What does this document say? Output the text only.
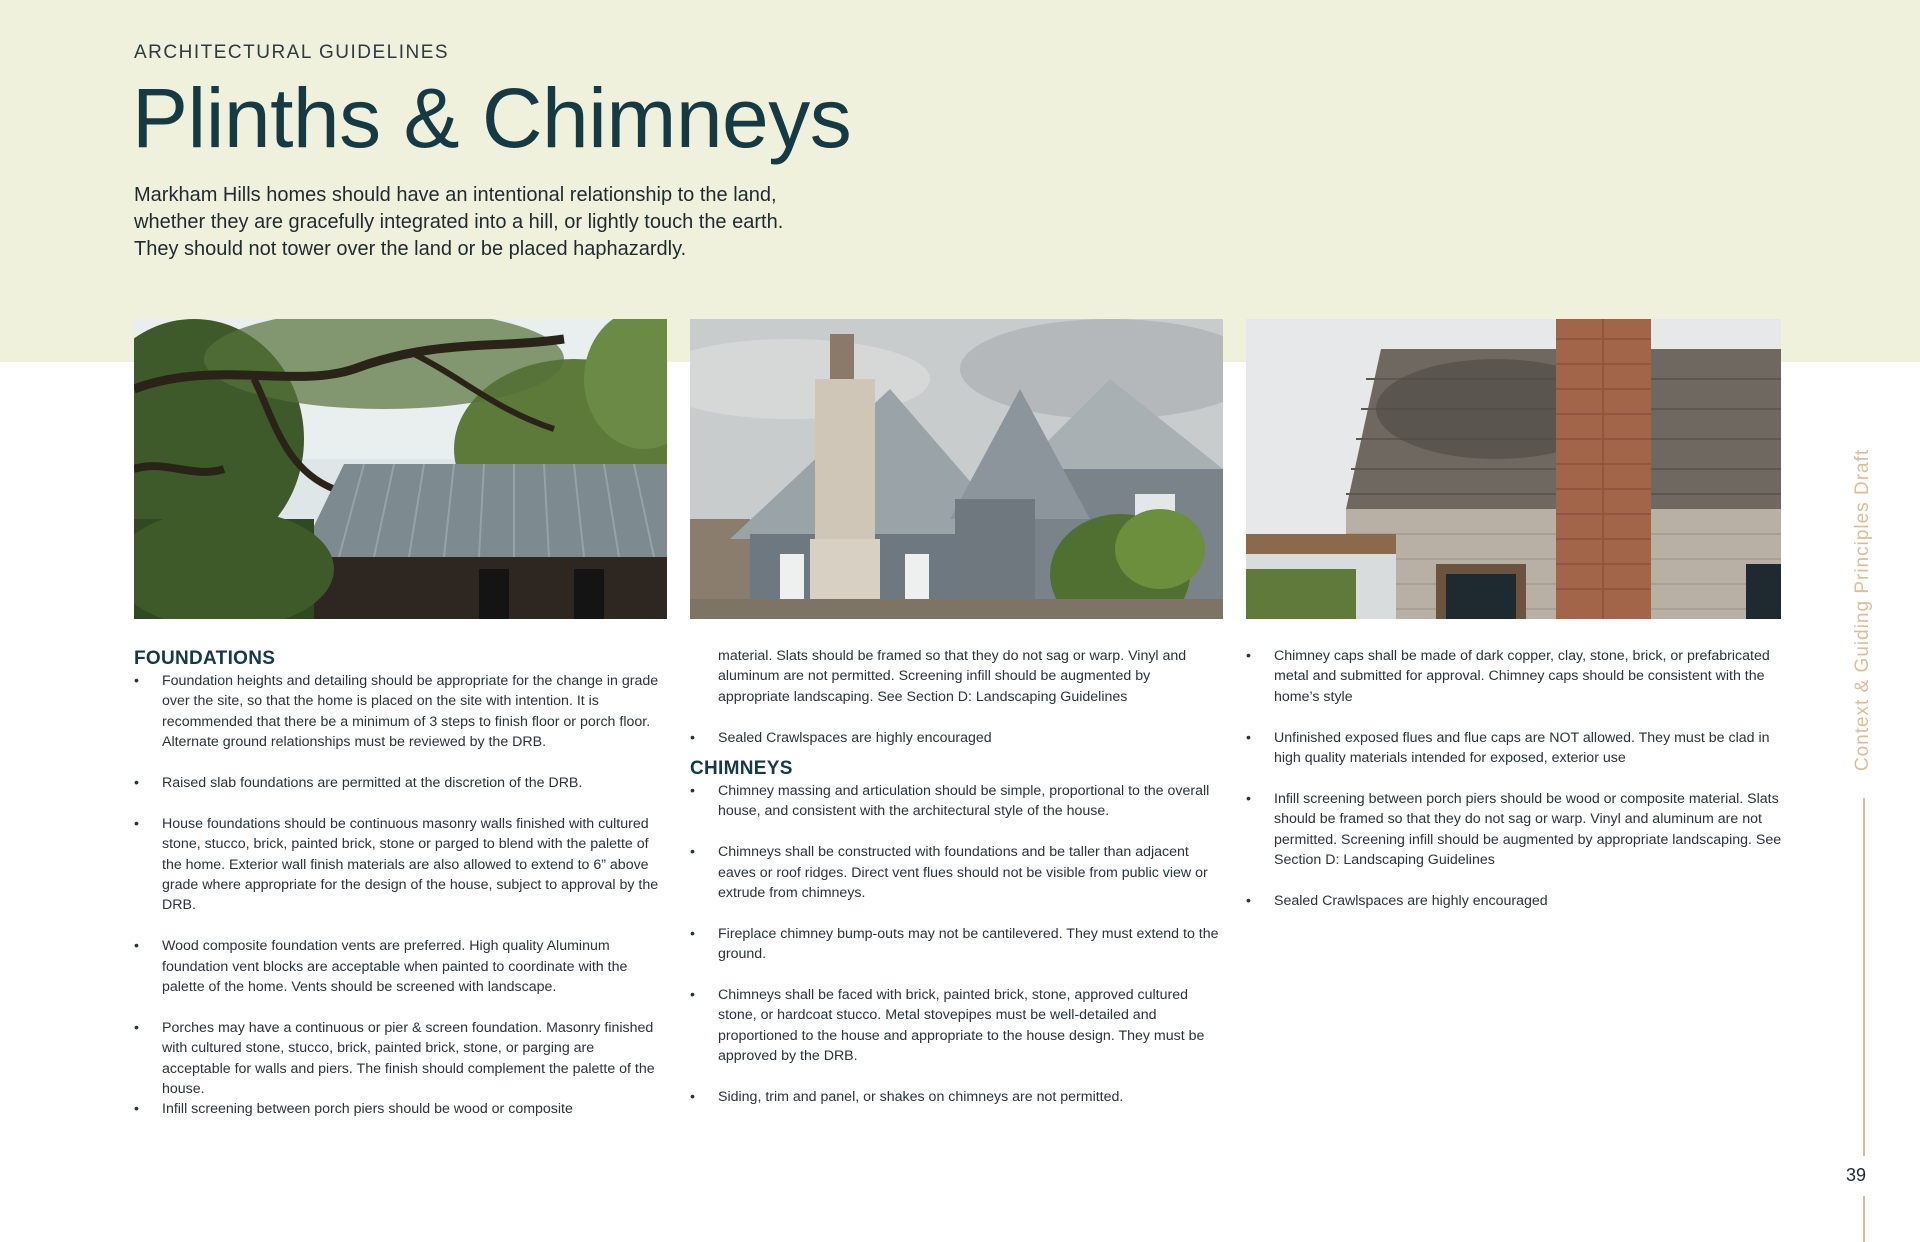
ARCHITECTURAL GUIDELINES
Plinths & Chimneys
Markham Hills homes should have an intentional relationship to the land, whether they are gracefully integrated into a hill, or lightly touch the earth. They should not tower over the land or be placed haphazardly.
FOUNDATIONS
• Foundation heights and detailing should be appropriate for the change in grade over the site, so that the home is placed on the site with intention. It is recommended that there be a minimum of 3 steps to finish floor or porch floor. Alternate ground relationships must be reviewed by the DRB.
• Raised slab foundations are permitted at the discretion of the DRB.
• House foundations should be continuous masonry walls finished with cultured stone, stucco, brick, painted brick, stone or parged to blend with the palette of the home. Exterior wall finish materials are also allowed to extend to 6” above grade where appropriate for the design of the house, subject to approval by the DRB.
• Wood composite foundation vents are preferred. High quality Aluminum foundation vent blocks are acceptable when painted to coordinate with the palette of the home. Vents should be screened with landscape.
• Porches may have a continuous or pier & screen foundation. Masonry finished with cultured stone, stucco, brick, painted brick, stone, or parging are acceptable for walls and piers. The finish should complement the palette of the house.
• Infill screening between porch piers should be wood or composite
material. Slats should be framed so that they do not sag or warp. Vinyl and aluminum are not permitted. Screening infill should be augmented by appropriate landscaping. See Section D: Landscaping Guidelines
• Sealed Crawlspaces are highly encouraged
CHIMNEYS
• Chimney massing and articulation should be simple, proportional to the overall house, and consistent with the architectural style of the house.
• Chimneys shall be constructed with foundations and be taller than adjacent eaves or roof ridges. Direct vent flues should not be visible from public view or extrude from chimneys.
• Fireplace chimney bump-outs may not be cantilevered. They must extend to the ground.
• Chimneys shall be faced with brick, painted brick, stone, approved cultured stone, or hardcoat stucco. Metal stovepipes must be well-detailed and proportioned to the house and appropriate to the house design. They must be approved by the DRB.
• Siding, trim and panel, or shakes on chimneys are not permitted.
• Chimney caps shall be made of dark copper, clay, stone, brick, or prefabricated metal and submitted for approval. Chimney caps should be consistent with the home’s style
• Unfinished exposed flues and flue caps are NOT allowed. They must be clad in high quality materials intended for exposed, exterior use
• Infill screening between porch piers should be wood or composite material. Slats should be framed so that they do not sag or warp. Vinyl and aluminum are not permitted. Screening infill should be augmented by appropriate landscaping. See Section D: Landscaping Guidelines
• Sealed Crawlspaces are highly encouraged
Context & Guiding Principles Draft
39
